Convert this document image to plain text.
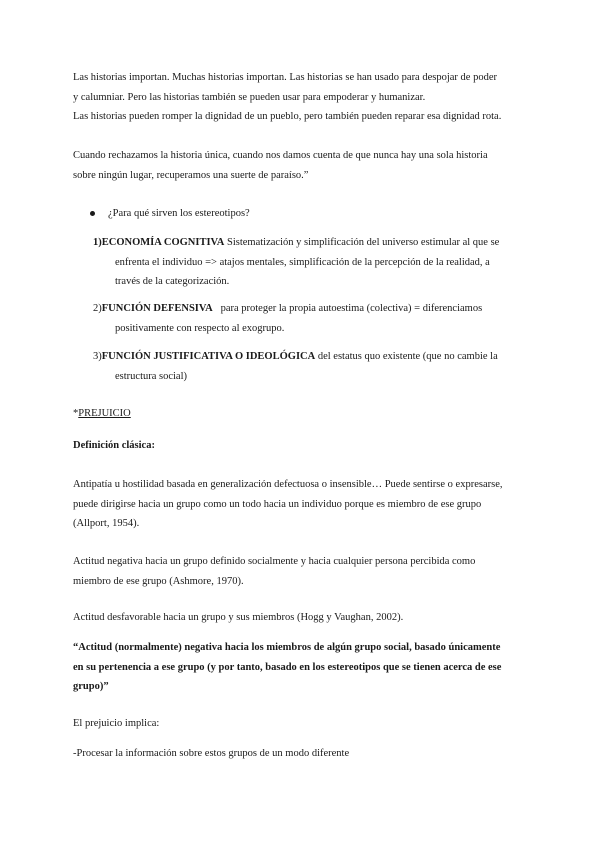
Las historias importan. Muchas historias importan. Las historias se han usado para despojar de poder
y calumniar. Pero las historias también se pueden usar para empoderar y humanizar.
Las historias pueden romper la dignidad de un pueblo, pero también pueden reparar esa dignidad rota.

Cuando rechazamos la historia única, cuando nos damos cuenta de que nunca hay una sola historia
sobre ningún lugar, recuperamos una suerte de paraíso.”

¿Para qué sirven los estereotipos?

1)ECONOMÍA COGNITIVA Sistematización y simplificación del universo estimular al que se

enfrenta el individuo => atajos mentales, simplificación de la percepción de la realidad, a
través de la categorización.

2)FUNCIÓN DEFENSIVA   para proteger la propia autoestima (colectiva) = diferenciamos

positivamente con respecto al exogrupo.

3)FUNCIÓN JUSTIFICATIVA O IDEOLÓGICA del estatus quo existente (que no cambie la

estructura social)

*PREJUICIO

Definición clásica:

Antipatía u hostilidad basada en generalización defectuosa o insensible… Puede sentirse o expresarse,
puede dirigirse hacia un grupo como un todo hacia un individuo porque es miembro de ese grupo
(Allport, 1954).

Actitud negativa hacia un grupo definido socialmente y hacia cualquier persona percibida como
miembro de ese grupo (Ashmore, 1970).

Actitud desfavorable hacia un grupo y sus miembros (Hogg y Vaughan, 2002).

“Actitud (normalmente) negativa hacia los miembros de algún grupo social, basado únicamente
en su pertenencia a ese grupo (y por tanto, basado en los estereotipos que se tienen acerca de ese
grupo)”

El prejuicio implica:

-Procesar la información sobre estos grupos de un modo diferente
